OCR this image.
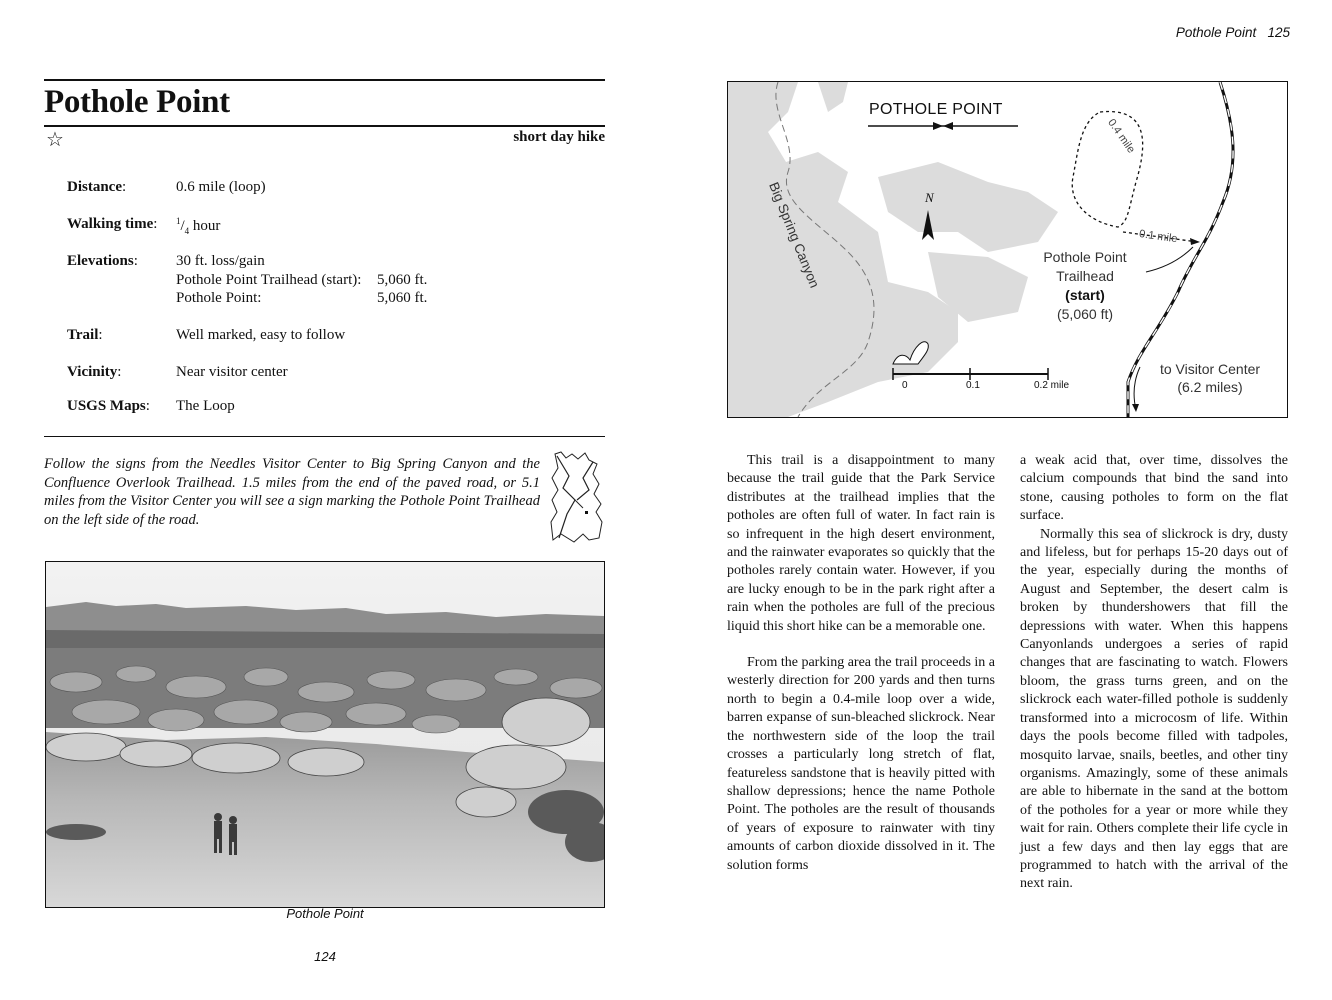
Pothole Point
☆	short day hike
Distance:	0.6 mile (loop)
Walking time: $^1/_4$ hour
Elevations:	30 ft. loss/gain
Pothole Point Trailhead (start): 5,060 ft.
Pothole Point:	5,060 ft.
Trail:	Well marked, easy to follow
Vicinity:	Near visitor center
USGS Maps: The Loop
Follow the signs from the Needles Visitor Center to Big Spring Canyon and the Confluence Overlook Trailhead. 1.5 miles from the end of the paved road, or 5.1 miles from the Visitor Center you will see a sign marking the Pothole Point Trailhead on the left side of the road.
Pothole Point
124
Pothole Point 125
POTHOLE POINT
Big Spring Canyon	N
0.4 mile
0.1 mile
Pothole Point
Trailhead
(start)
(5,060 ft)
to Visitor Center
(6.2 miles)
0	0.1	0.2 mile

This trail is a disappointment to many because the trail guide that the Park Service distributes at the trailhead implies that the potholes are often full of water. In fact rain is so infrequent in the high desert environment, and the rainwater evaporates so quickly that the potholes rarely contain water. However, if you are lucky enough to be in the park right after a rain when the potholes are full of the precious liquid this short hike can be a memorable one.

From the parking area the trail proceeds in a westerly direction for 200 yards and then turns north to begin a 0.4-mile loop over a wide, barren expanse of sun-bleached slickrock. Near the northwestern side of the loop the trail crosses a particularly long stretch of flat, featureless sandstone that is heavily pitted with shallow depressions; hence the name Pothole Point. The potholes are the result of thousands of years of exposure to rainwater with tiny amounts of carbon dioxide dissolved in it. The solution forms

a weak acid that, over time, dissolves the calcium compounds that bind the sand into stone, causing potholes to form on the flat surface.

Normally this sea of slickrock is dry, dusty and lifeless, but for perhaps 15-20 days out of the year, especially during the months of August and September, the desert calm is broken by thundershowers that fill the depressions with water. When this happens Canyonlands undergoes a series of rapid changes that are fascinating to watch. Flowers bloom, the grass turns green, and on the slickrock each water-filled pothole is suddenly transformed into a microcosm of life. Within days the pools become filled with tadpoles, mosquito larvae, snails, beetles, and other tiny organisms. Amazingly, some of these animals are able to hibernate in the sand at the bottom of the potholes for a year or more while they wait for rain. Others complete their life cycle in just a few days and then lay eggs that are programmed to hatch with the arrival of the next rain.
